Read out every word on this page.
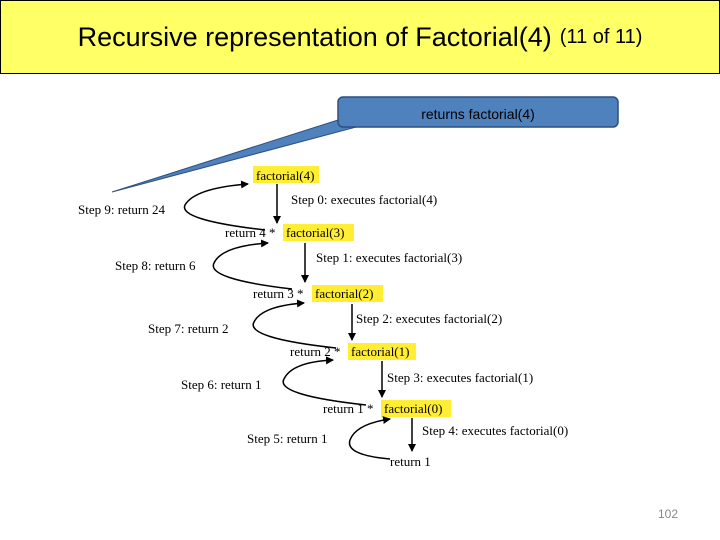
Recursive representation of Factorial(4) (11 of 11)
returns factorial(4)
factorial(4)
Step 0: executes factorial(4)
Step 9: return 24
return 4 * factorial(3)
Step 1: executes factorial(3)
Step 8: return 6
return 3 * factorial(2)
Step 2: executes factorial(2)
Step 7: return 2
return 2 * factorial(1)
Step 3: executes factorial(1)
Step 6: return 1
return 1 * factorial(0)
Step 4: executes factorial(0)
Step 5: return 1
return 1
102
